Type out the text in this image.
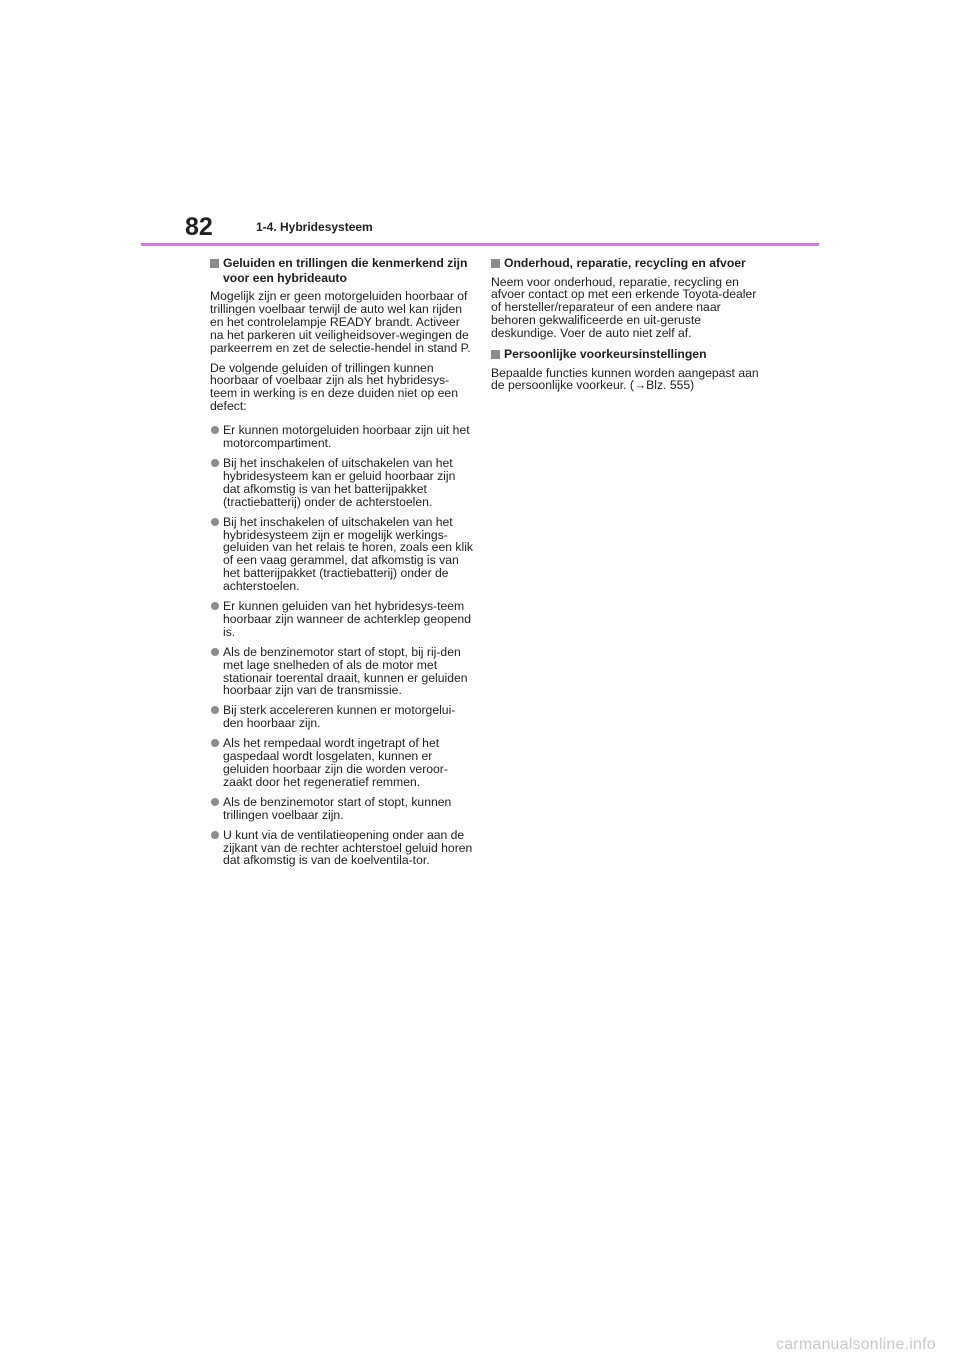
82	1-4. Hybridesysteem
Geluiden en trillingen die kenmerkend zijn voor een hybrideauto

Mogelijk zijn er geen motorgeluiden hoorbaar of trillingen voelbaar terwijl de auto wel kan rijden en het controlelampje READY brandt. Activeer na het parkeren uit veiligheidsover-wegingen de parkeerrem en zet de selectie-hendel in stand P.

De volgende geluiden of trillingen kunnen hoorbaar of voelbaar zijn als het hybridesys-teem in werking is en deze duiden niet op een defect:

Er kunnen motorgeluiden hoorbaar zijn uit het motorcompartiment.
Bij het inschakelen of uitschakelen van het hybridesysteem kan er geluid hoorbaar zijn dat afkomstig is van het batterijpakket (tractiebatterij) onder de achterstoelen.
Bij het inschakelen of uitschakelen van het hybridesysteem zijn er mogelijk werkings-geluiden van het relais te horen, zoals een klik of een vaag gerammel, dat afkomstig is van het batterijpakket (tractiebatterij) onder de achterstoelen.
Er kunnen geluiden van het hybridesys-teem hoorbaar zijn wanneer de achterklep geopend is.
Als de benzinemotor start of stopt, bij rij-den met lage snelheden of als de motor met stationair toerental draait, kunnen er geluiden hoorbaar zijn van de transmissie.
Bij sterk accelereren kunnen er motorgelui-den hoorbaar zijn.
Als het rempedaal wordt ingetrapt of het gaspedaal wordt losgelaten, kunnen er geluiden hoorbaar zijn die worden veroor-zaakt door het regeneratief remmen.
Als de benzinemotor start of stopt, kunnen trillingen voelbaar zijn.
U kunt via de ventilatieopening onder aan de zijkant van de rechter achterstoel geluid horen dat afkomstig is van de koelventila-tor.
Onderhoud, reparatie, recycling en afvoer

Neem voor onderhoud, reparatie, recycling en afvoer contact op met een erkende Toyota-dealer of hersteller/reparateur of een andere naar behoren gekwalificeerde en uit-geruste deskundige. Voer de auto niet zelf af.

Persoonlijke voorkeursinstellingen

Bepaalde functies kunnen worden aangepast aan de persoonlijke voorkeur. (→Blz. 555)

carmanualsonline.info
